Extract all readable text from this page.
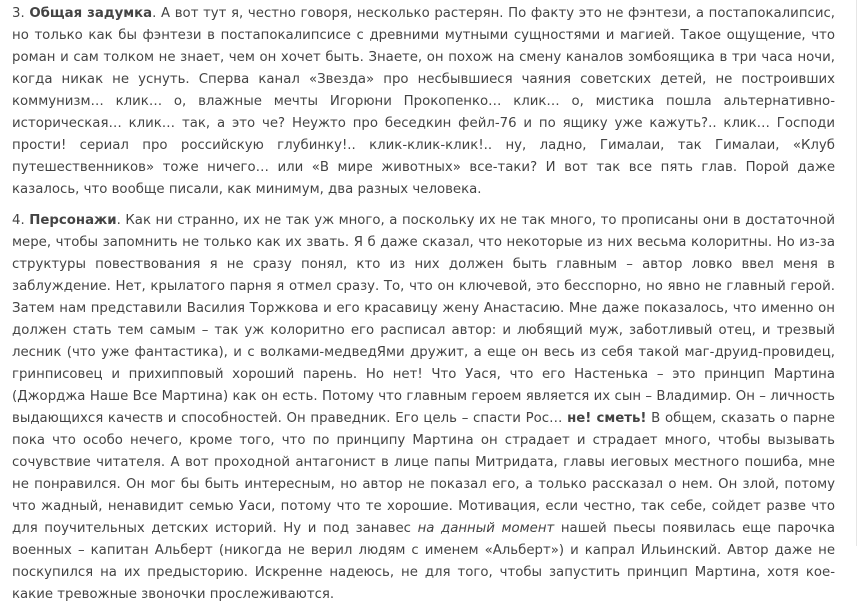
3. Общая задумка. А вот тут я, честно говоря, несколько растерян. По факту это не фэнтези, а постапокалипсис, но только как бы фэнтези в постапокалипсисе с древними мутными сущностями и магией. Такое ощущение, что роман и сам толком не знает, чем он хочет быть. Знаете, он похож на смену каналов зомбоящика в три часа ночи, когда никак не уснуть. Сперва канал «Звезда» про несбывшиеся чаяния советских детей, не построивших коммунизм… клик… о, влажные мечты Игорюни Прокопенко… клик… о, мистика пошла альтернативно-историческая… клик… так, а это че? Неужто про беседкин фейл-76 и по ящику уже кажуть?.. клик… Господи прости! сериал про российскую глубинку!.. клик-клик-клик!.. ну, ладно, Гималаи, так Гималаи, «Клуб путешественников» тоже ничего… или «В мире животных» все-таки? И вот так все пять глав. Порой даже казалось, что вообще писали, как минимум, два разных человека.

4. Персонажи. Как ни странно, их не так уж много, а поскольку их не так много, то прописаны они в достаточной мере, чтобы запомнить не только как их звать. Я б даже сказал, что некоторые из них весьма колоритны. Но из-за структуры повествования я не сразу понял, кто из них должен быть главным – автор ловко ввел меня в заблуждение. Нет, крылатого парня я отмел сразу. То, что он ключевой, это бесспорно, но явно не главный герой. Затем нам представили Василия Торжкова и его красавицу жену Анастасию. Мне даже показалось, что именно он должен стать тем самым – так уж колоритно его расписал автор: и любящий муж, заботливый отец, и трезвый лесник (что уже фантастика), и с волками-медведЯми дружит, а еще он весь из себя такой маг-друид-провидец, гринписовец и прихипповый хороший парень. Но нет! Что Уася, что его Настенька – это принцип Мартина (Джорджа Наше Все Мартина) как он есть. Потому что главным героем является их сын – Владимир. Он – личность выдающихся качеств и способностей. Он праведник. Его цель – спасти Рос… не! сметь! В общем, сказать о парне пока что особо нечего, кроме того, что по принципу Мартина он страдает и страдает много, чтобы вызывать сочувствие читателя. А вот проходной антагонист в лице папы Митридата, главы иеговых местного пошиба, мне не понравился. Он мог бы быть интересным, но автор не показал его, а только рассказал о нем. Он злой, потому что жадный, ненавидит семью Уаси, потому что те хорошие. Мотивация, если честно, так себе, сойдет разве что для поучительных детских историй. Ну и под занавес на данный момент нашей пьесы появилась еще парочка военных – капитан Альберт (никогда не верил людям с именем «Альберт») и капрал Ильинский. Автор даже не поскупился на их предысторию. Искренне надеюсь, не для того, чтобы запустить принцип Мартина, хотя кое-какие тревожные звоночки прослеживаются.
